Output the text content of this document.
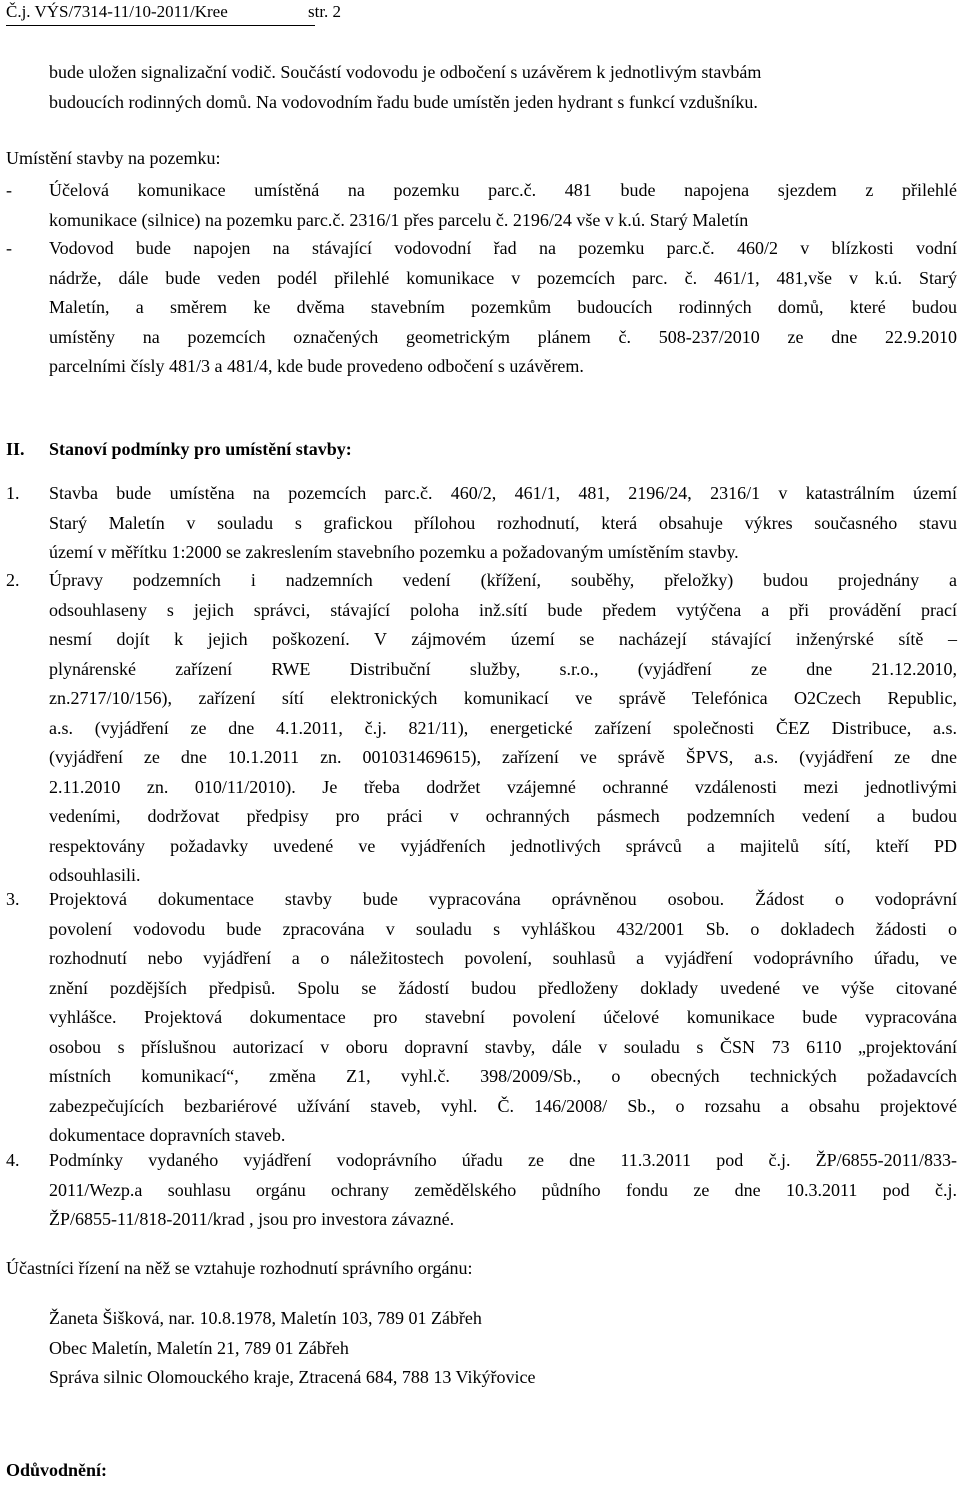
Č.j. VÝS/7314-11/10-2011/Kree	str. 2
bude uložen signalizační vodič. Součástí vodovodu je odbočení s uzávěrem k jednotlivým stavbám
budoucích rodinných domů. Na vodovodním řadu bude umístěn jeden hydrant s funkcí vzdušníku.
Umístění stavby na pozemku:
- Účelová komunikace umístěná na pozemku parc.č. 481 bude napojena sjezdem z přilehlé
komunikace (silnice) na pozemku parc.č. 2316/1 přes parcelu č. 2196/24 vše v k.ú. Starý Maletín
- Vodovod bude napojen na stávající vodovodní řad na pozemku parc.č. 460/2 v blízkosti vodní
nádrže, dále bude veden podél přilehlé komunikace v pozemcích parc. č. 461/1, 481,vše v k.ú. Starý
Maletín, a směrem ke dvěma stavebním pozemkům budoucích rodinných domů, které budou
umístěny na pozemcích označených geometrickým plánem č. 508-237/2010 ze dne 22.9.2010
parcelními čísly 481/3 a 481/4, kde bude provedeno odbočení s uzávěrem.
II. Stanoví podmínky pro umístění stavby:
1. Stavba bude umístěna na pozemcích parc.č. 460/2, 461/1, 481, 2196/24, 2316/1 v katastrálním území
Starý Maletín v souladu s grafickou přílohou rozhodnutí, která obsahuje výkres současného stavu
území v měřítku 1:2000 se zakreslením stavebního pozemku a požadovaným umístěním stavby.
2. Úpravy podzemních i nadzemních vedení (křížení, souběhy, přeložky) budou projednány a
odsouhlaseny s jejich správci, stávající poloha inž.sítí bude předem vytýčena a při provádění prací
nesmí dojít k jejich poškození. V zájmovém území se nacházejí stávající inženýrské sítě –
plynárenské zařízení RWE Distribuční služby, s.r.o., (vyjádření ze dne 21.12.2010,
zn.2717/10/156), zařízení sítí elektronických komunikací ve správě Telefónica O2Czech Republic,
a.s. (vyjádření ze dne 4.1.2011, č.j. 821/11), energetické zařízení společnosti ČEZ Distribuce, a.s.
(vyjádření ze dne 10.1.2011 zn. 001031469615), zařízení ve správě ŠPVS, a.s. (vyjádření ze dne
2.11.2010 zn. 010/11/2010). Je třeba dodržet vzájemné ochranné vzdálenosti mezi jednotlivými
vedeními, dodržovat předpisy pro práci v ochranných pásmech podzemních vedení a budou
respektovány požadavky uvedené ve vyjádřeních jednotlivých správců a majitelů sítí, kteří PD
odsouhlasili.
3. Projektová dokumentace stavby bude vypracována oprávněnou osobou. Žádost o vodoprávní
povolení vodovodu bude zpracována v souladu s vyhláškou 432/2001 Sb. o dokladech žádosti o
rozhodnutí nebo vyjádření a o náležitostech povolení, souhlasů a vyjádření vodoprávního úřadu, ve
znění pozdějších předpisů. Spolu se žádostí budou předloženy doklady uvedené ve výše citované
vyhlášce. Projektová dokumentace pro stavební povolení účelové komunikace bude vypracována
osobou s příslušnou autorizací v oboru dopravní stavby, dále v souladu s ČSN 73 6110 „projektování
místních komunikací“, změna Z1, vyhl.č. 398/2009/Sb., o obecných technických požadavcích
zabezpečujících bezbariérové užívání staveb, vyhl. Č. 146/2008/ Sb., o rozsahu a obsahu projektové
dokumentace dopravních staveb.
4. Podmínky vydaného vyjádření vodoprávního úřadu ze dne 11.3.2011 pod č.j. ŽP/6855-2011/833-
2011/Wezp.a souhlasu orgánu ochrany zemědělského půdního fondu ze dne 10.3.2011 pod č.j.
ŽP/6855-11/818-2011/krad , jsou pro investora závazné.
Účastníci řízení na něž se vztahuje rozhodnutí správního orgánu:
Žaneta Šišková, nar. 10.8.1978, Maletín 103, 789 01 Zábřeh
Obec Maletín, Maletín 21, 789 01 Zábřeh
Správa silnic Olomouckého kraje, Ztracená 684, 788 13 Vikýřovice
Odůvodnění:
